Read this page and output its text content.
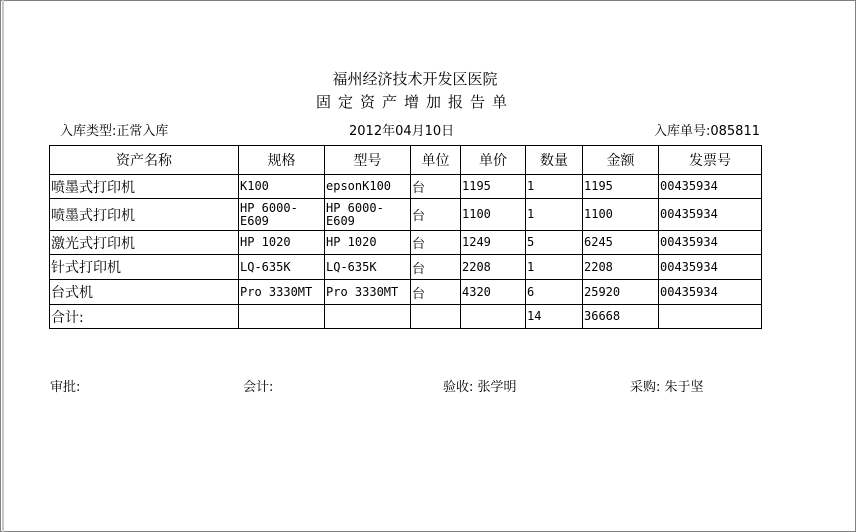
福州经济技术开发区医院
固定资产增加报告单
入库类型:正常入库	2012年04月10日	入库单号:085811
资产名称	规格	型号	单位	单价	数量	金额	发票号
喷墨式打印机	K100	epsonK100	台	1195	1	1195	00435934
喷墨式打印机	HP 6000-E609	HP 6000-E609	台	1100	1	1100	00435934
激光式打印机	HP 1020	HP 1020	台	1249	5	6245	00435934
针式打印机	LQ-635K	LQ-635K	台	2208	1	2208	00435934
台式机	Pro 3330MT	Pro 3330MT	台	4320	6	25920	00435934
合计:					14	36668	
审批:	会计:	验收: 张学明	采购: 朱于坚
